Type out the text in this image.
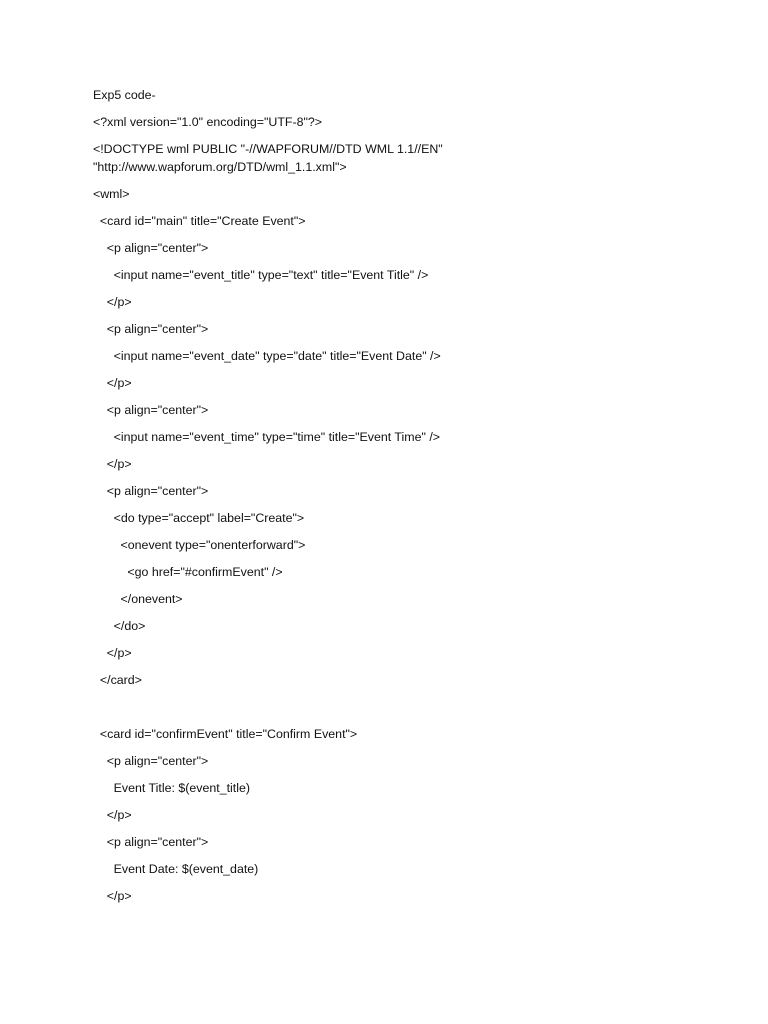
Exp5 code-

<?xml version="1.0" encoding="UTF-8"?>

<!DOCTYPE wml PUBLIC "-//WAPFORUM//DTD WML 1.1//EN"

"http://www.wapforum.org/DTD/wml_1.1.xml">

<wml>

<card id="main" title="Create Event">

<p align="center">

<input name="event_title" type="text" title="Event Title" />

</p>

<p align="center">

<input name="event_date" type="date" title="Event Date" />

</p>

<p align="center">

<input name="event_time" type="time" title="Event Time" />

</p>

<p align="center">

<do type="accept" label="Create">

<onevent type="onenterforward">

<go href="#confirmEvent" />

</onevent>

</do>

</p>

</card>

<card id="confirmEvent" title="Confirm Event">

<p align="center">

Event Title: $(event_title)

</p>

<p align="center">

Event Date: $(event_date)

</p>
